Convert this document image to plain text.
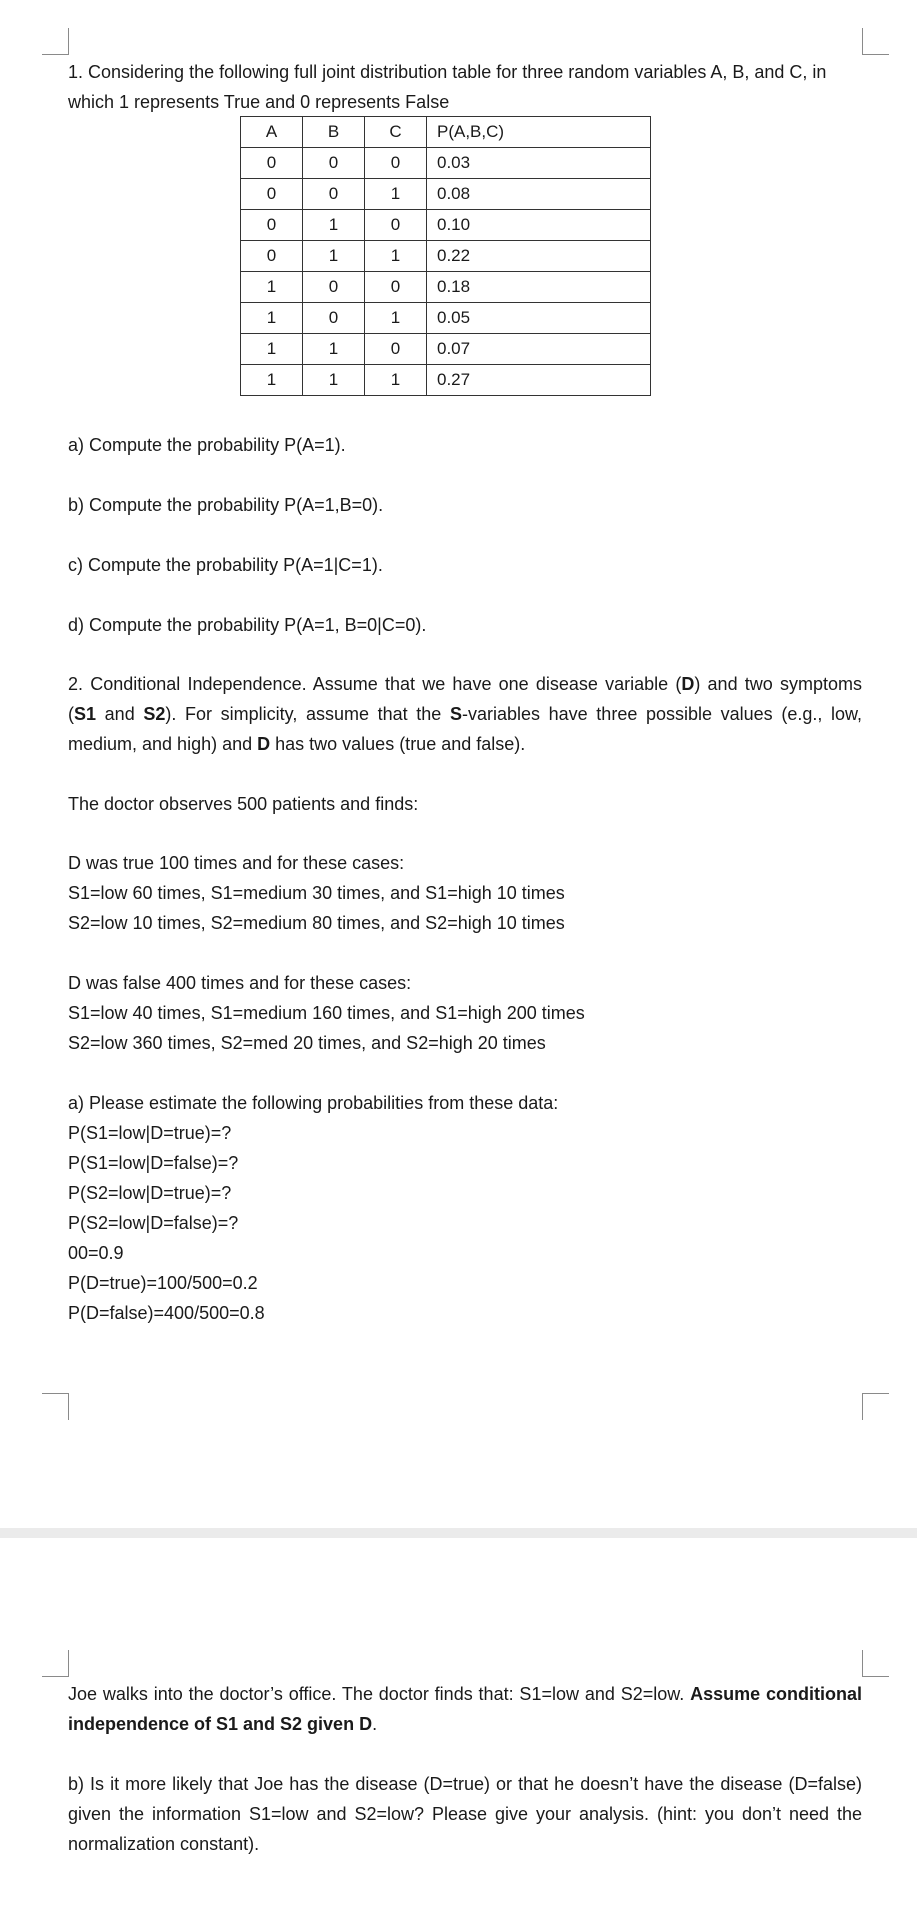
1. Considering the following full joint distribution table for three random variables A, B, and C, in which 1 represents True and 0 represents False
A	B	C	P(A,B,C)
0	0	0	0.03
0	0	1	0.08
0	1	0	0.10
0	1	1	0.22
1	0	0	0.18
1	0	1	0.05
1	1	0	0.07
1	1	1	0.27
a) Compute the probability P(A=1).
b) Compute the probability P(A=1,B=0).
c) Compute the probability P(A=1|C=1).
d) Compute the probability P(A=1, B=0|C=0).
2. Conditional Independence. Assume that we have one disease variable (D) and two symptoms (S1 and S2). For simplicity, assume that the S-variables have three possible values (e.g., low, medium, and high) and D has two values (true and false).
The doctor observes 500 patients and finds:
D was true 100 times and for these cases:
S1=low 60 times, S1=medium 30 times, and S1=high 10 times
S2=low 10 times, S2=medium 80 times, and S2=high 10 times
D was false 400 times and for these cases:
S1=low 40 times, S1=medium 160 times, and S1=high 200 times
S2=low 360 times, S2=med 20 times, and S2=high 20 times
a) Please estimate the following probabilities from these data:
P(S1=low|D=true)=?
P(S1=low|D=false)=?
P(S2=low|D=true)=?
P(S2=low|D=false)=?
00=0.9
P(D=true)=100/500=0.2
P(D=false)=400/500=0.8
Joe walks into the doctor’s office. The doctor finds that: S1=low and S2=low. Assume conditional independence of S1 and S2 given D.
b) Is it more likely that Joe has the disease (D=true) or that he doesn’t have the disease (D=false) given the information S1=low and S2=low? Please give your analysis. (hint: you don’t need the normalization constant).
